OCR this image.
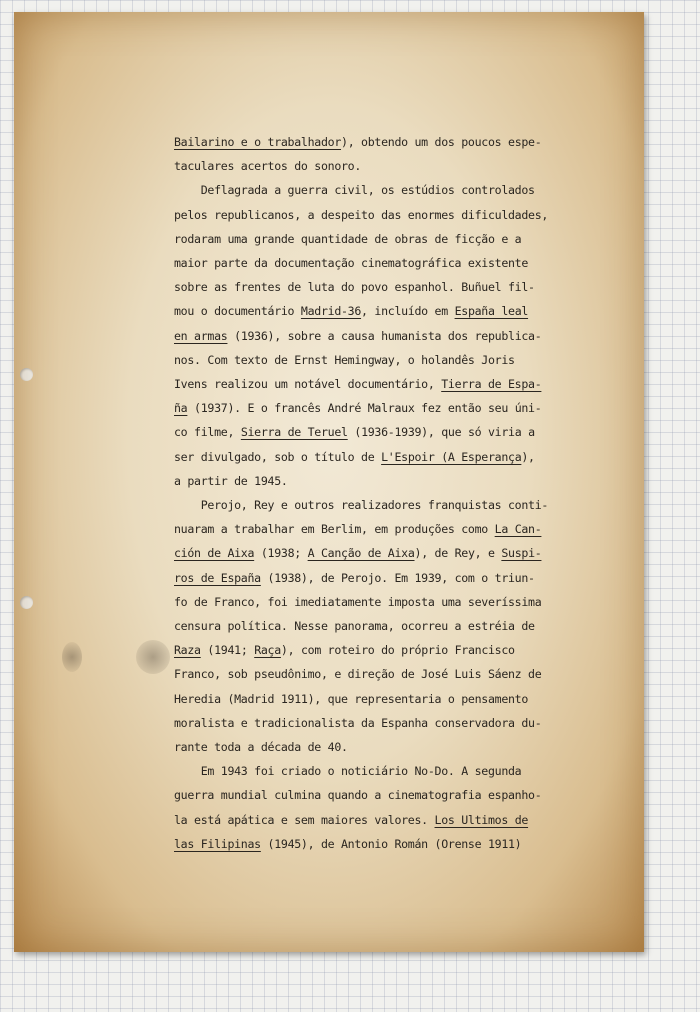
Bailarino e o trabalhador), obtendo um dos poucos espe-
taculares acertos do sonoro.
Deflagrada a guerra civil, os estúdios controlados
pelos republicanos, a despeito das enormes dificuldades,
rodaram uma grande quantidade de obras de ficção e a
maior parte da documentação cinematográfica existente
sobre as frentes de luta do povo espanhol. Buñuel fil-
mou o documentário Madrid-36, incluído em España leal
en armas (1936), sobre a causa humanista dos republica-
nos. Com texto de Ernst Hemingway, o holandês Joris
Ivens realizou um notável documentário, Tierra de Espa-
ña (1937). E o francês André Malraux fez então seu úni-
co filme, Sierra de Teruel (1936-1939), que só viria a
ser divulgado, sob o título de L'Espoir (A Esperança),
a partir de 1945.
Perojo, Rey e outros realizadores franquistas conti-
nuaram a trabalhar em Berlim, em produções como La Can-
ción de Aixa (1938; A Canção de Aixa), de Rey, e Suspi-
ros de España (1938), de Perojo. Em 1939, com o triun-
fo de Franco, foi imediatamente imposta uma severíssima
censura política. Nesse panorama, ocorreu a estréia de
Raza (1941; Raça), com roteiro do próprio Francisco
Franco, sob pseudônimo, e direção de José Luis Sáenz de
Heredia (Madrid 1911), que representaria o pensamento
moralista e tradicionalista da Espanha conservadora du-
rante toda a década de 40.
Em 1943 foi criado o noticiário No-Do. A segunda
guerra mundial culmina quando a cinematografia espanho-
la está apática e sem maiores valores. Los Ultimos de
las Filipinas (1945), de Antonio Román (Orense 1911)
